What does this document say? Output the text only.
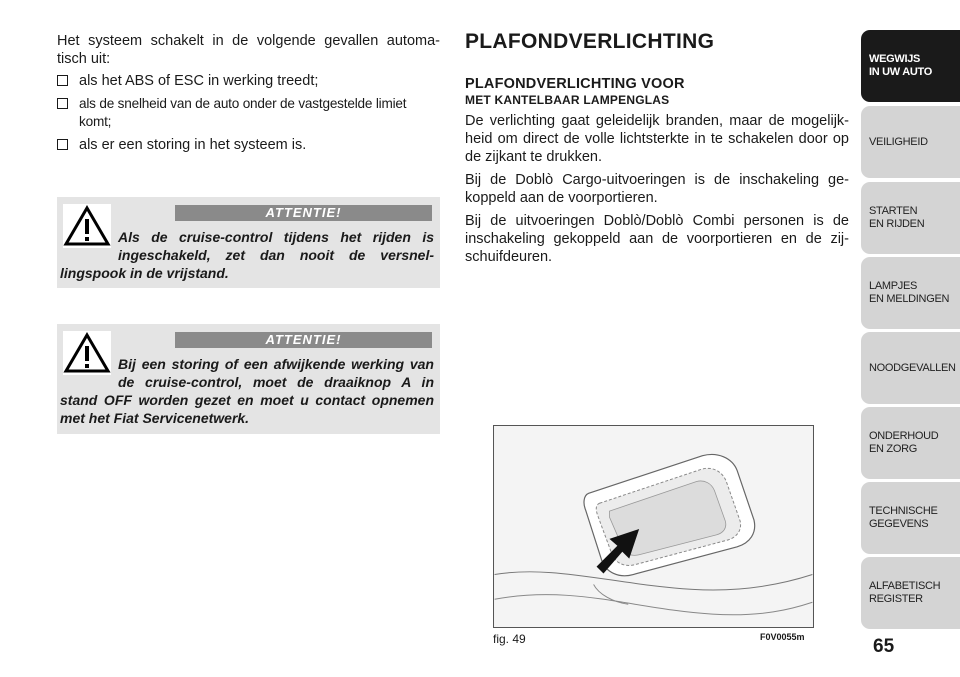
Het systeem schakelt in de volgende gevallen automa- tisch uit:

als het ABS of ESC in werking treedt;
als de snelheid van de auto onder de vastgestelde limiet komt;
als er een storing in het systeem is.
ATTENTIE!
Als de cruise-control tijdens het rijden is ingeschakeld, zet dan nooit de versnel- lingspook in de vrijstand.
ATTENTIE!
Bij een storing of een afwijkende werking van de cruise-control, moet de draaiknop A in stand OFF worden gezet en moet u contact opnemen met het Fiat Servicenetwerk.
PLAFONDVERLICHTING
PLAFONDVERLICHTING VOOR
MET KANTELBAAR LAMPENGLAS

De verlichting gaat geleidelijk branden, maar de mogelijk- heid om direct de volle lichtsterkte in te schakelen door op de zijkant te drukken.

Bij de Doblò Cargo-uitvoeringen is de inschakeling ge- koppeld aan de voorportieren.

Bij de uitvoeringen Doblò/Doblò Combi personen is de inschakeling gekoppeld aan de voorportieren en de zij- schuifdeuren.

fig. 49	F0V0055m
WEGWIJS
IN UW AUTO
VEILIGHEID
STARTEN
EN RIJDEN
LAMPJES
EN MELDINGEN
NOODGEVALLEN
ONDERHOUD
EN ZORG
TECHNISCHE
GEGEVENS
ALFABETISCH
REGISTER
65
